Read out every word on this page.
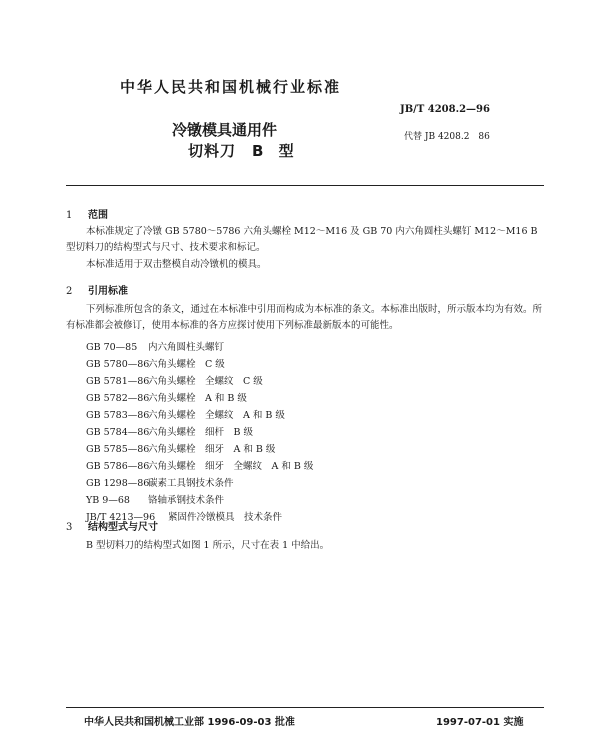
中华人民共和国机械行业标准
JB/T 4208.2—96
冷镦模具通用件
切料刀　B 型
代替 JB 4208.2　86
1 范围
本标准规定了冷镦 GB 5780～5786 六角头螺栓 M12～M16 及 GB 70 内六角圆柱头螺钉 M12～M16 B 型切料刀的结构型式与尺寸、技术要求和标记。
本标准适用于双击整模自动冷镦机的模具。
2 引用标准
下列标准所包含的条文，通过在本标准中引用而构成为本标准的条文。本标准出版时，所示版本均为有效。所有标准都会被修订，使用本标准的各方应探讨使用下列标准最新版本的可能性。
GB 70—85 内六角圆柱头螺钉
GB 5780—86六角头螺栓　C 级
GB 5781—86六角头螺栓　全螺纹　C 级
GB 5782—86六角头螺栓　A 和 B 级
GB 5783—86六角头螺栓　全螺纹　A 和 B 级
GB 5784—86六角头螺栓　细杆　B 级
GB 5785—86六角头螺栓　细牙　A 和 B 级
GB 5786—86六角头螺栓　细牙　全螺纹　A 和 B 级
GB 1298—86碳素工具钢技术条件
YB 9—68 铬轴承钢技术条件
JB/T 4213—96 紧固件冷镦模具　技术条件
3 结构型式与尺寸
B 型切料刀的结构型式如图 1 所示，尺寸在表 1 中给出。
中华人民共和国机械工业部 1996-09-03 批准	1997-07-01 实施
